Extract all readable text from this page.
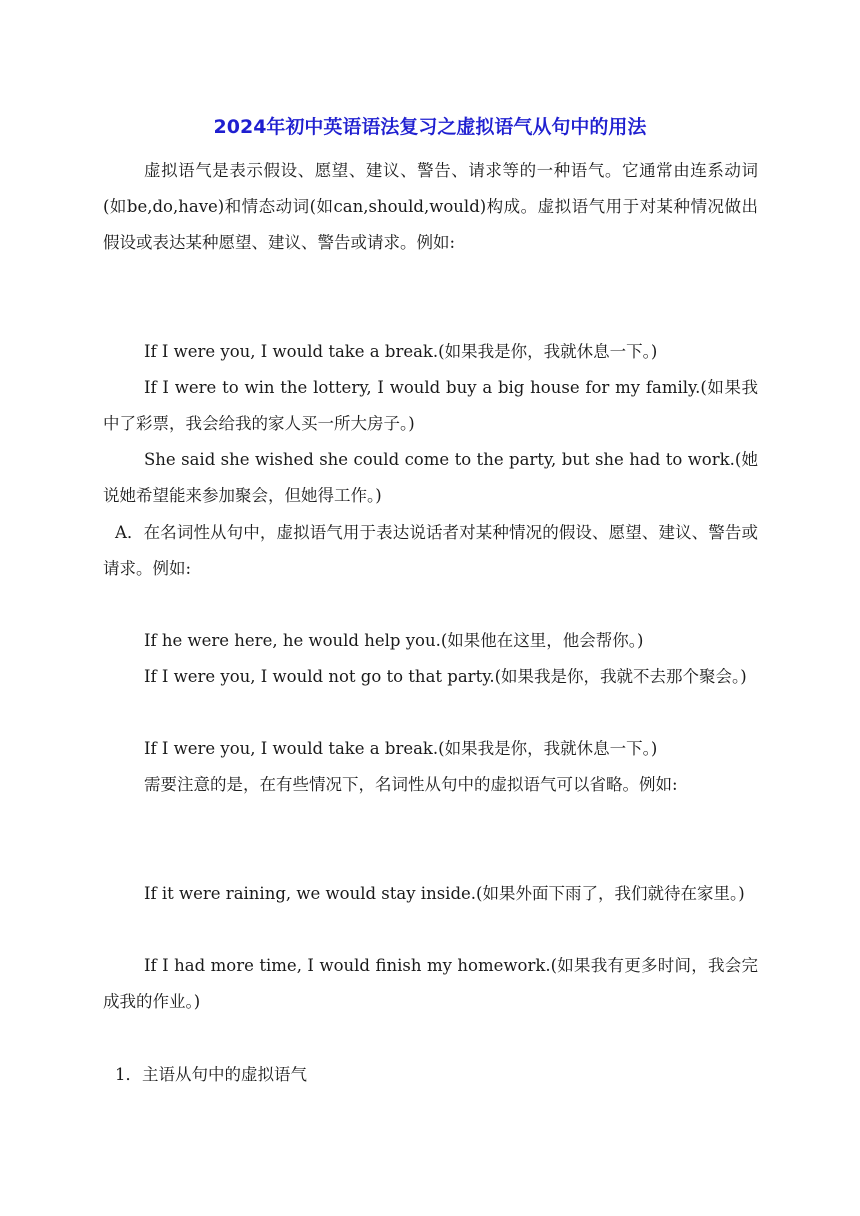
2024年初中英语语法复习之虚拟语气从句中的用法

虚拟语气是表示假设、愿望、建议、警告、请求等的一种语气。它通常由连系动词(如be,do,have)和情态动词(如can,should,would)构成。虚拟语气用于对某种情况做出假设或表达某种愿望、建议、警告或请求。例如:

If I were you, I would take a break.(如果我是你，我就休息一下。)

If I were to win the lottery, I would buy a big house for my family.(如果我中了彩票，我会给我的家人买一所大房子。)

She said she wished she could come to the party, but she had to work.(她说她希望能来参加聚会，但她得工作。)

A．在名词性从句中，虚拟语气用于表达说话者对某种情况的假设、愿望、建议、警告或请求。例如:

If he were here, he would help you.(如果他在这里，他会帮你。)

If I were you, I would not go to that party.(如果我是你，我就不去那个聚会。)

If I were you, I would take a break.(如果我是你，我就休息一下。)

需要注意的是，在有些情况下，名词性从句中的虚拟语气可以省略。例如:

If it were raining, we would stay inside.(如果外面下雨了，我们就待在家里。)

If I had more time, I would finish my homework.(如果我有更多时间，我会完成我的作业。)

1．主语从句中的虚拟语气
